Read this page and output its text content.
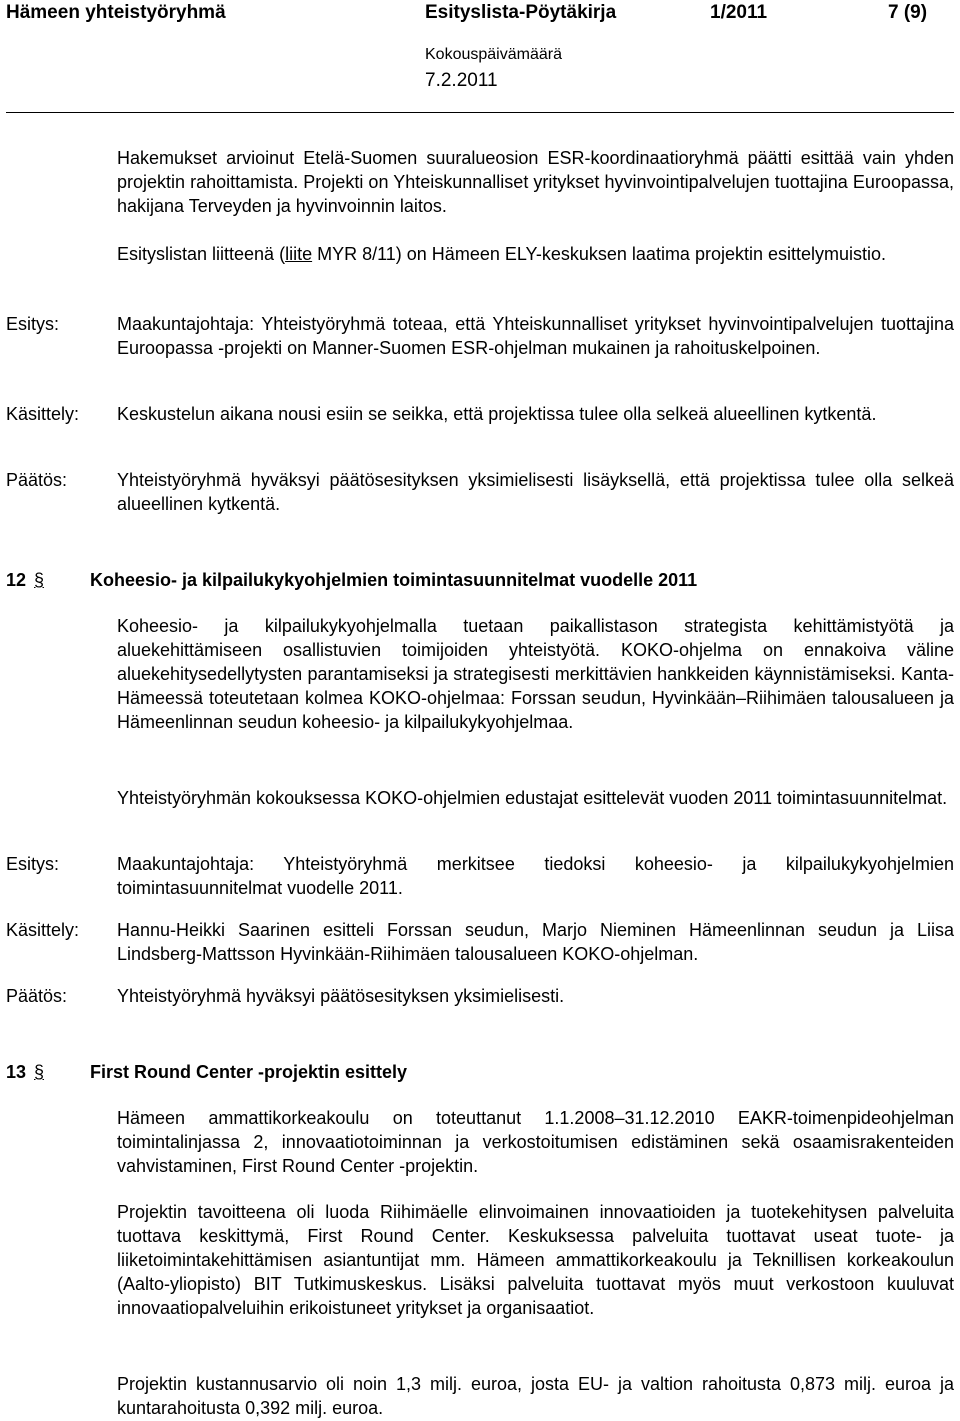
Hämeen yhteistyöryhmä	Esityslista-Pöytäkirja	1/2011	7 (9)
Kokouspäivämäärä
7.2.2011

Hakemukset arvioinut Etelä-Suomen suuralueosion ESR-koordinaatioryhmä päätti esittää vain yhden projektin rahoittamista. Projekti on Yhteiskunnalliset yritykset hyvinvointipalvelujen tuottajina Euroopassa, hakijana Terveyden ja hyvinvoinnin laitos.

Esityslistan liitteenä (liite MYR 8/11) on Hämeen ELY-keskuksen laatima projektin esittelymuistio.

Esitys:	Maakuntajohtaja: Yhteistyöryhmä toteaa, että Yhteiskunnalliset yritykset hyvinvointipalvelujen tuottajina Euroopassa -projekti on Manner-Suomen ESR-ohjelman mukainen ja rahoituskelpoinen.

Käsittely: Keskustelun aikana nousi esiin se seikka, että projektissa tulee olla selkeä alueellinen kytkentä.

Päätös:	Yhteistyöryhmä hyväksyi päätösesityksen yksimielisesti lisäyksellä, että projektissa tulee olla selkeä alueellinen kytkentä.

12 §	Koheesio- ja kilpailukykyohjelmien toimintasuunnitelmat vuodelle 2011

Koheesio- ja kilpailukykyohjelmalla tuetaan paikallistason strategista kehittämistyötä ja aluekehittämiseen osallistuvien toimijoiden yhteistyötä. KOKO-ohjelma on ennakoiva väline aluekehitysedellytysten parantamiseksi ja strategisesti merkittävien hankkeiden käynnistämiseksi. Kanta-Hämeessä toteutetaan kolmea KOKO-ohjelmaa: Forssan seudun, Hyvinkään–Riihimäen talousalueen ja Hämeenlinnan seudun koheesio- ja kilpailukykyohjelmaa.

Yhteistyöryhmän kokouksessa KOKO-ohjelmien edustajat esittelevät vuoden 2011 toimintasuunnitelmat.

Esitys:	Maakuntajohtaja: Yhteistyöryhmä merkitsee tiedoksi koheesio- ja kilpailukykyohjelmien toimintasuunnitelmat vuodelle 2011.

Käsittely: Hannu-Heikki Saarinen esitteli Forssan seudun, Marjo Nieminen Hämeenlinnan seudun ja Liisa Lindsberg-Mattsson Hyvinkään-Riihimäen talousalueen KOKO-ohjelman.

Päätös:	Yhteistyöryhmä hyväksyi päätösesityksen yksimielisesti.

13 §	First Round Center -projektin esittely

Hämeen ammattikorkeakoulu on toteuttanut 1.1.2008–31.12.2010 EAKR-toimenpideohjelman toimintalinjassa 2, innovaatiotoiminnan ja verkostoitumisen edistäminen sekä osaamisrakenteiden vahvistaminen, First Round Center -projektin.

Projektin tavoitteena oli luoda Riihimäelle elinvoimainen innovaatioiden ja tuotekehitysen palveluita tuottava keskittymä, First Round Center. Keskuksessa palveluita tuottavat useat tuote- ja liiketoimintakehittämisen asiantuntijat mm. Hämeen ammattikorkeakoulu ja Teknillisen korkeakoulun (Aalto-yliopisto) BIT Tutkimuskeskus. Lisäksi palveluita tuottavat myös muut verkostoon kuuluvat innovaatiopalveluihin erikoistuneet yritykset ja organisaatiot.

Projektin kustannusarvio oli noin 1,3 milj. euroa, josta EU- ja valtion rahoitusta 0,873 milj. euroa ja kuntarahoitusta 0,392 milj. euroa.
